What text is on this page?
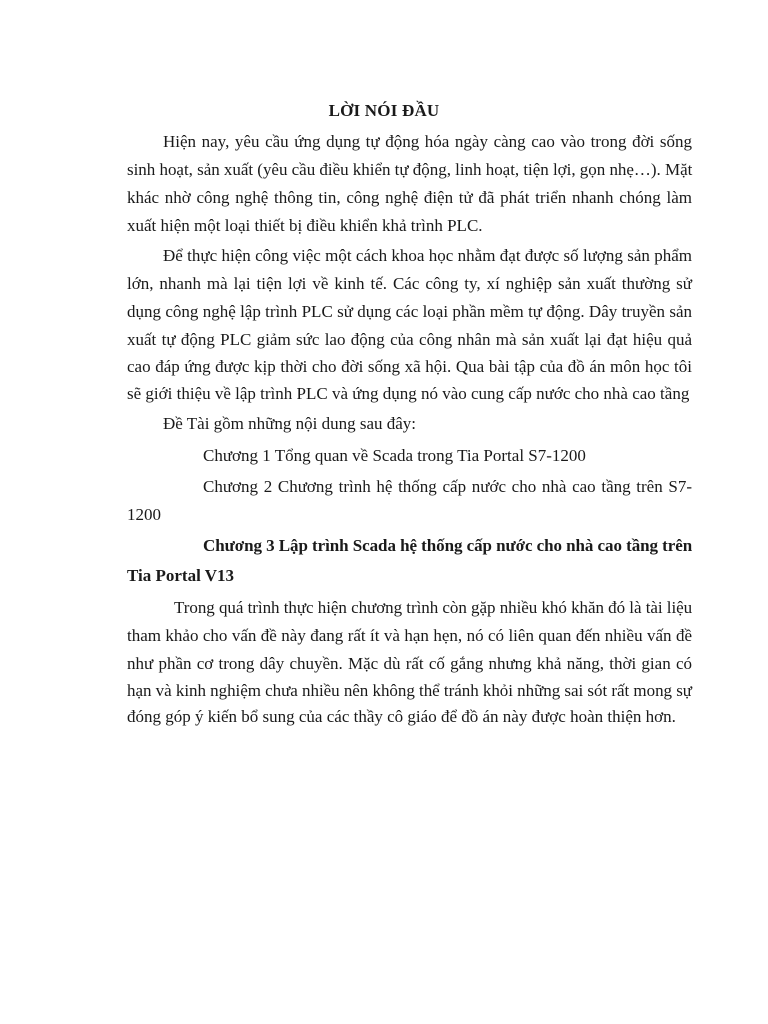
LỜI NÓI ĐẦU
Hiện nay, yêu cầu ứng dụng tự động hóa ngày càng cao vào trong đời sống
sinh hoạt, sản xuất (yêu cầu điều khiển tự động, linh hoạt, tiện lợi, gọn nhẹ…). Mặt
khác nhờ công nghệ thông tin, công nghệ điện tử đã phát triển nhanh chóng làm
xuất hiện một loại thiết bị điều khiển khả trình PLC.
Để thực hiện công việc một cách khoa học nhằm đạt được số lượng sản phẩm
lớn, nhanh mà lại tiện lợi về kinh tế. Các công ty, xí nghiệp sản xuất thường sử
dụng công nghệ lập trình PLC sử dụng các loại phần mềm tự động. Dây truyền sản
xuất tự động PLC giảm sức lao động của công nhân mà sản xuất lại đạt hiệu quả
cao đáp ứng được kịp thời cho đời sống xã hội. Qua bài tập của đồ án môn học tôi
sẽ giới thiệu về lập trình PLC và ứng dụng nó vào cung cấp nước cho nhà cao tầng
Đề Tài gồm những nội dung sau đây:
Chương 1 Tổng quan về Scada trong Tia Portal S7-1200
Chương 2 Chương trình hệ thống cấp nước cho nhà cao tầng trên S7-
1200
Chương 3 Lập trình Scada hệ thống cấp nước cho nhà cao tầng trên
Tia Portal V13
Trong quá trình thực hiện chương trình còn gặp nhiều khó khăn đó là tài liệu
tham khảo cho vấn đề này đang rất ít và hạn hẹn, nó có liên quan đến nhiều vấn đề
như phần cơ trong dây chuyền. Mặc dù rất cố gắng nhưng khả năng, thời gian có
hạn và kinh nghiệm chưa nhiều nên không thể tránh khỏi những sai sót rất mong sự
đóng góp ý kiến bổ sung của các thầy cô giáo để đồ án này được hoàn thiện hơn.
